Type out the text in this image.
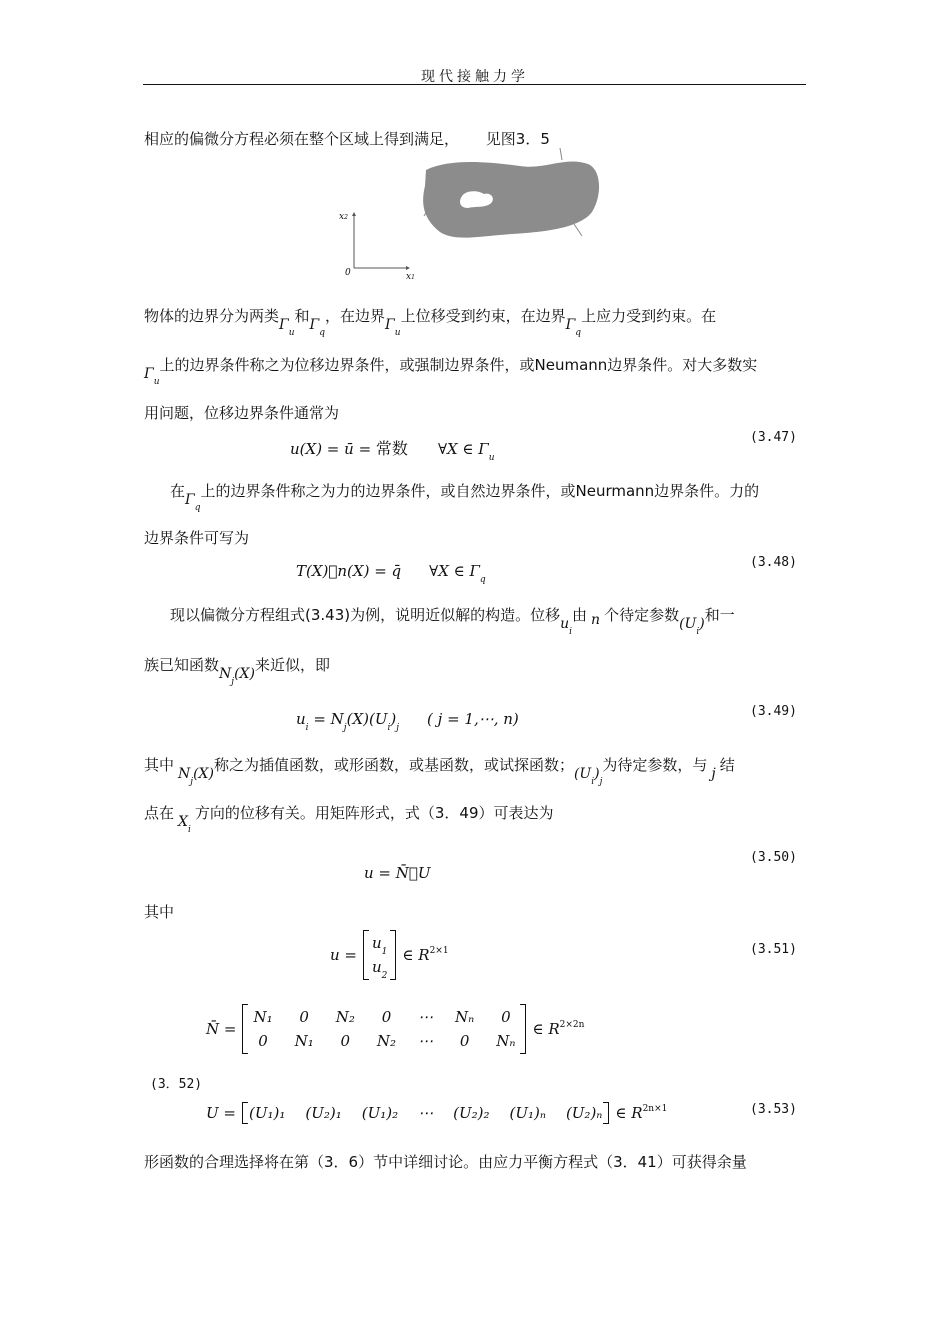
现代接触力学
相应的偏微分方程必须在整个区域上得到满足， 见图3．5
x2
0	x1
物体的边界分为两类$\Gamma_u$和$\Gamma_q$，在边界$\Gamma_u$上位移受到约束，在边界$\Gamma_q$上应力受到约束。在
$\Gamma_u$上的边界条件称之为位移边界条件，或强制边界条件，或Neumann边界条件。对大多数实
用问题，位移边界条件通常为
u(X) = ū = 常数 ∀X ∈ $\Gamma_u$
(3.47)
在$\Gamma_q$上的边界条件称之为力的边界条件，或自然边界条件，或Neurmann边界条件。力的
边界条件可写为
T(X)⃞n(X) = q̄ ∀X ∈ $\Gamma_q$
(3.48)
现以偏微分方程组式(3.43)为例，说明近似解的构造。位移$u_i$由 n 个待定参数$(U_i)$和一
族已知函数$N_j(X)$来近似，即
$u_i = N_j(X)(U_i)_j$ ( j = 1,⋯, n)	(3.49)
其中 $N_j(X)$称之为插值函数，或形函数，或基函数，或试探函数；$(U_i)_j$为待定参数，与 j 结
点在 $X_i$方向的位移有关。用矩阵形式，式（3．49）可表达为
u = N̄⃞U
(3.50)
其中
u =
$u_1$
$u_2$
∈ $R^{2\times 1}$	(3.51)
N̄ =
N₁	0	N₂	0	⋯ Nₙ	0
0	N₁	0	N₂ ⋯	0	Nₙ
∈ $R^{2\times 2n}$
(3．52)
U = (U₁)₁ (U₂)₁ (U₁)₂ ⋯ (U₂)₂ (U₁)ₙ (U₂)ₙ ∈ $R^{2n\times 1}$	(3.53)
形函数的合理选择将在第（3．6）节中详细讨论。由应力平衡方程式（3．41）可获得余量
